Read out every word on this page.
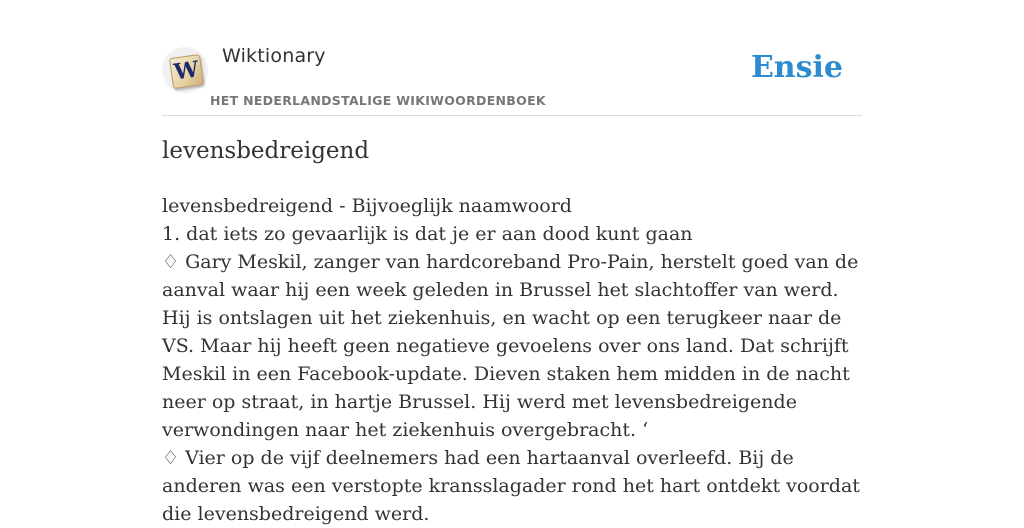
W
Wiktionary
HET NEDERLANDSTALIGE WIKIWOORDENBOEK
Ensie
levensbedreigend

levensbedreigend - Bijvoeglijk naamwoord

1. dat iets zo gevaarlijk is dat je er aan dood kunt gaan

♢ Gary Meskil, zanger van hardcoreband Pro-Pain, herstelt goed van de aanval waar hij een week geleden in Brussel het slachtoffer van werd. Hij is ontslagen uit het ziekenhuis, en wacht op een terugkeer naar de VS. Maar hij heeft geen negatieve gevoelens over ons land. Dat schrijft Meskil in een Facebook-update. Dieven staken hem midden in de nacht neer op straat, in hartje Brussel. Hij werd met levensbedreigende verwondingen naar het ziekenhuis overgebracht. ‘

♢ Vier op de vijf deelnemers had een hartaanval overleefd. Bij de anderen was een verstopte kransslagader rond het hart ontdekt voordat die levensbedreigend werd.
